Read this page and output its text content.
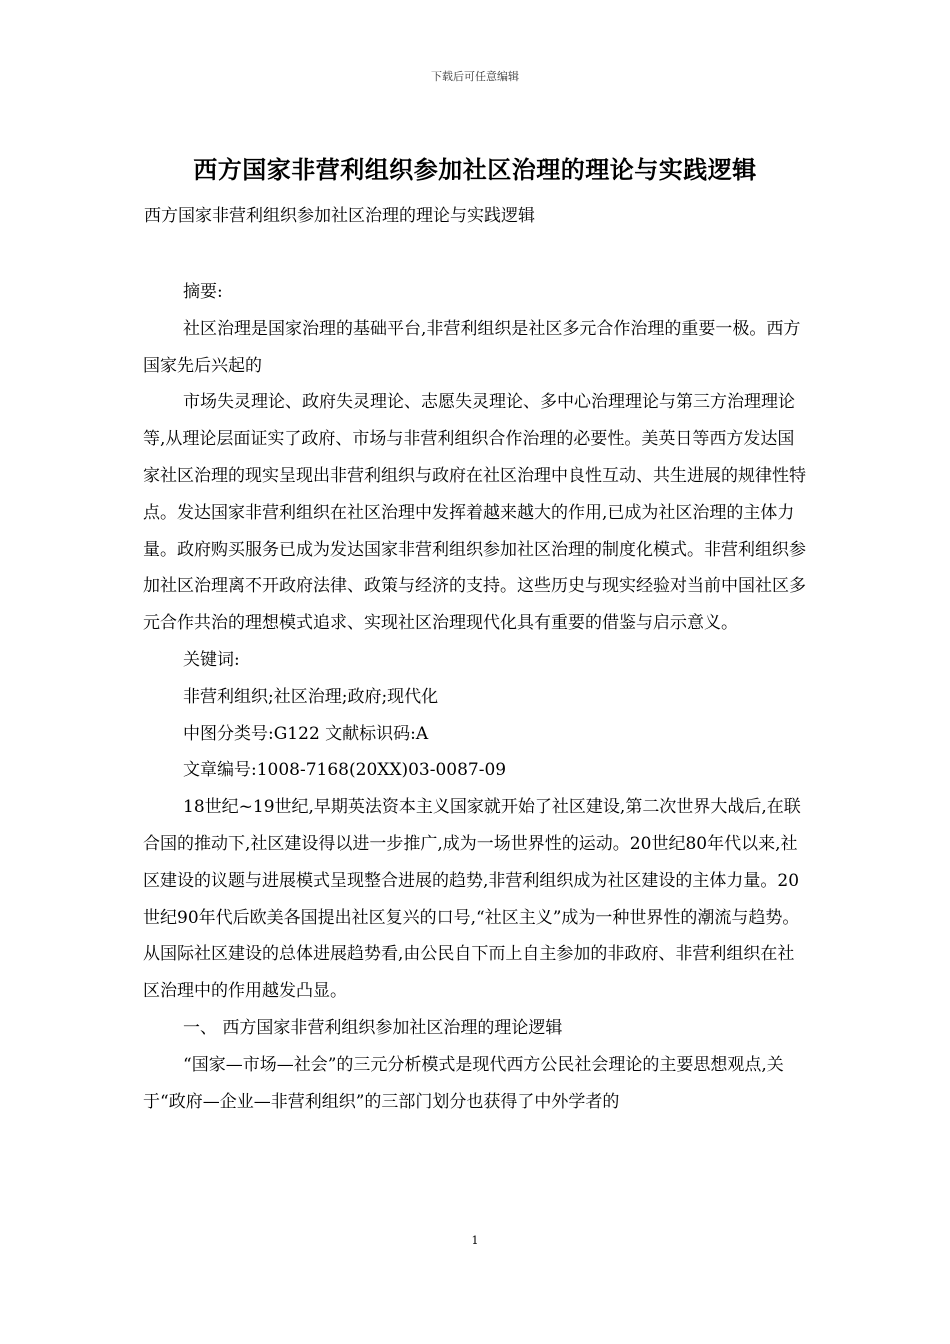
下载后可任意编辑
西方国家非营利组织参加社区治理的理论与实践逻辑
西方国家非营利组织参加社区治理的理论与实践逻辑

摘要:

社区治理是国家治理的基础平台,非营利组织是社区多元合作治理的重要一极。西方国家先后兴起的

市场失灵理论、政府失灵理论、志愿失灵理论、多中心治理理论与第三方治理理论等,从理论层面证实了政府、市场与非营利组织合作治理的必要性。美英日等西方发达国家社区治理的现实呈现出非营利组织与政府在社区治理中良性互动、共生进展的规律性特点。发达国家非营利组织在社区治理中发挥着越来越大的作用,已成为社区治理的主体力量。政府购买服务已成为发达国家非营利组织参加社区治理的制度化模式。非营利组织参加社区治理离不开政府法律、政策与经济的支持。这些历史与现实经验对当前中国社区多元合作共治的理想模式追求、实现社区治理现代化具有重要的借鉴与启示意义。

关键词:

非营利组织;社区治理;政府;现代化

中图分类号:G122 文献标识码:A

文章编号:1008-7168(20XX)03-0087-09

18世纪~19世纪,早期英法资本主义国家就开始了社区建设,第二次世界大战后,在联合国的推动下,社区建设得以进一步推广,成为一场世界性的运动。20世纪80年代以来,社区建设的议题与进展模式呈现整合进展的趋势,非营利组织成为社区建设的主体力量。20世纪90年代后欧美各国提出社区复兴的口号,“社区主义”成为一种世界性的潮流与趋势。从国际社区建设的总体进展趋势看,由公民自下而上自主参加的非政府、非营利组织在社区治理中的作用越发凸显。

一、 西方国家非营利组织参加社区治理的理论逻辑

“国家—市场—社会”的三元分析模式是现代西方公民社会理论的主要思想观点,关于“政府—企业—非营利组织”的三部门划分也获得了中外学者的

1
